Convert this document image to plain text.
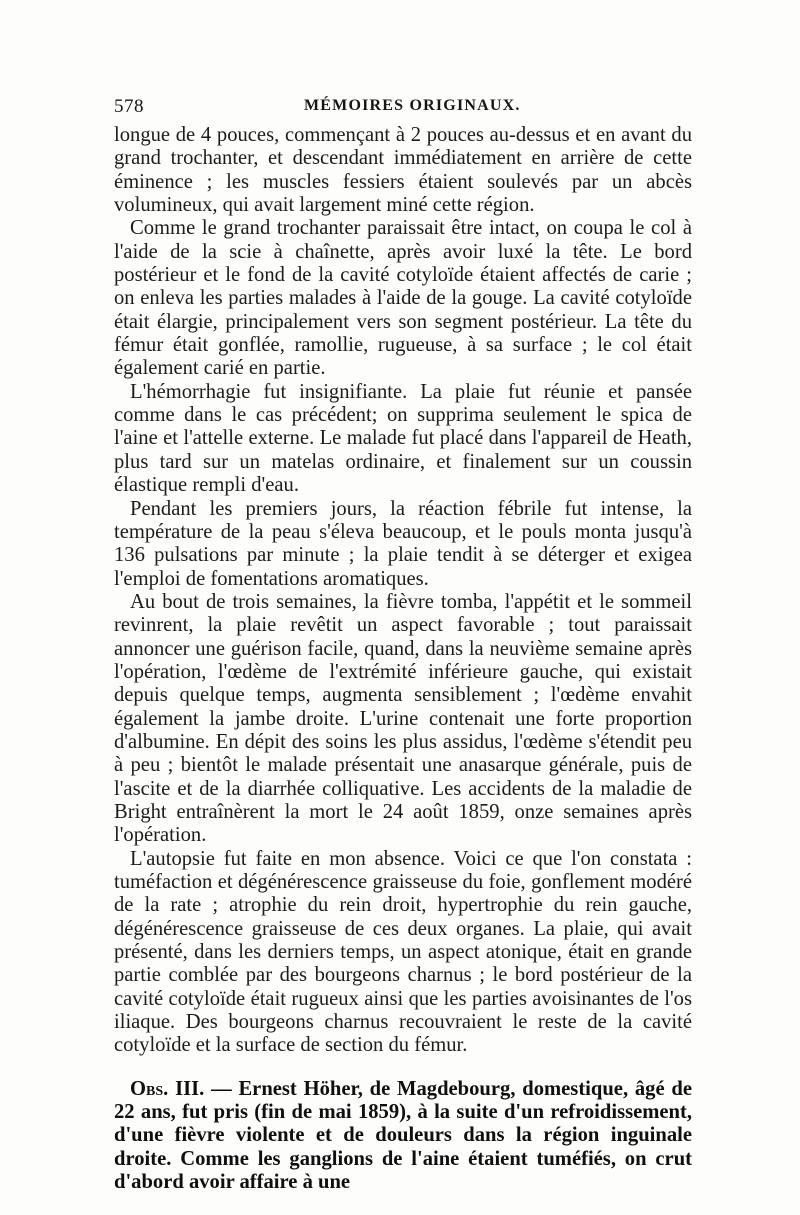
578	MÉMOIRES ORIGINAUX.

longue de 4 pouces, commençant à 2 pouces au-dessus et en avant du grand trochanter, et descendant immédiatement en arrière de cette éminence ; les muscles fessiers étaient soulevés par un abcès volumineux, qui avait largement miné cette région.

Comme le grand trochanter paraissait être intact, on coupa le col à l'aide de la scie à chaînette, après avoir luxé la tête. Le bord postérieur et le fond de la cavité cotyloïde étaient affectés de carie ; on enleva les parties malades à l'aide de la gouge. La cavité cotyloïde était élargie, principalement vers son segment postérieur. La tête du fémur était gonflée, ramollie, rugueuse, à sa surface ; le col était également carié en partie.

L'hémorrhagie fut insignifiante. La plaie fut réunie et pansée comme dans le cas précédent; on supprima seulement le spica de l'aine et l'attelle externe. Le malade fut placé dans l'appareil de Heath, plus tard sur un matelas ordinaire, et finalement sur un coussin élastique rempli d'eau.

Pendant les premiers jours, la réaction fébrile fut intense, la température de la peau s'éleva beaucoup, et le pouls monta jusqu'à 136 pulsations par minute ; la plaie tendit à se déterger et exigea l'emploi de fomentations aromatiques.

Au bout de trois semaines, la fièvre tomba, l'appétit et le sommeil revinrent, la plaie revêtit un aspect favorable ; tout paraissait annoncer une guérison facile, quand, dans la neuvième semaine après l'opération, l'œdème de l'extrémité inférieure gauche, qui existait depuis quelque temps, augmenta sensiblement ; l'œdème envahit également la jambe droite. L'urine contenait une forte proportion d'albumine. En dépit des soins les plus assidus, l'œdème s'étendit peu à peu ; bientôt le malade présentait une anasarque générale, puis de l'ascite et de la diarrhée colliquative. Les accidents de la maladie de Bright entraînèrent la mort le 24 août 1859, onze semaines après l'opération.

L'autopsie fut faite en mon absence. Voici ce que l'on constata : tuméfaction et dégénérescence graisseuse du foie, gonflement modéré de la rate ; atrophie du rein droit, hypertrophie du rein gauche, dégénérescence graisseuse de ces deux organes. La plaie, qui avait présenté, dans les derniers temps, un aspect atonique, était en grande partie comblée par des bourgeons charnus ; le bord postérieur de la cavité cotyloïde était rugueux ainsi que les parties avoisinantes de l'os iliaque. Des bourgeons charnus recouvraient le reste de la cavité cotyloïde et la surface de section du fémur.

Obs. III. — Ernest Höher, de Magdebourg, domestique, âgé de 22 ans, fut pris (fin de mai 1859), à la suite d'un refroidissement, d'une fièvre violente et de douleurs dans la région inguinale droite. Comme les ganglions de l'aine étaient tuméfiés, on crut d'abord avoir affaire à une
